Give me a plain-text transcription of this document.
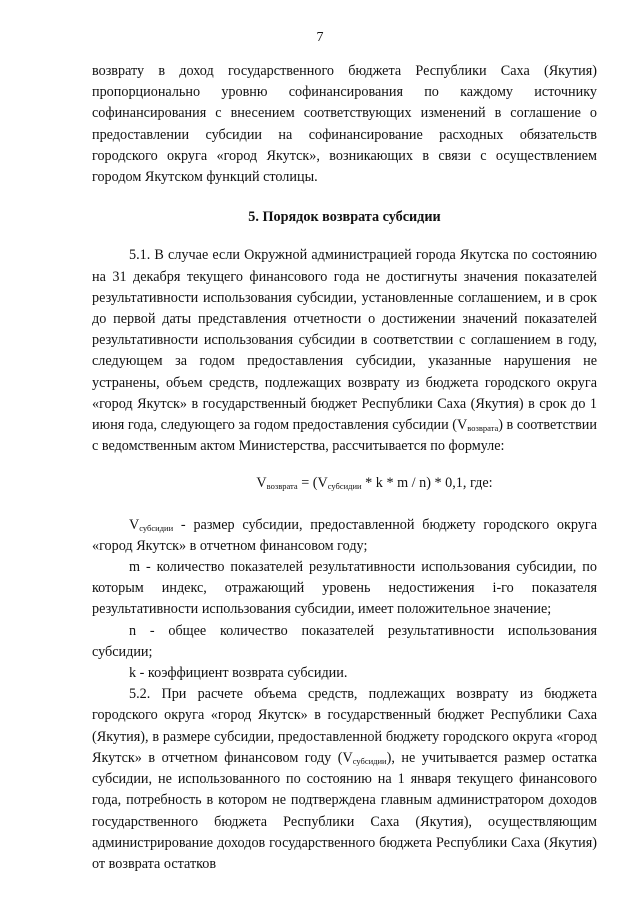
7

возврату в доход государственного бюджета Республики Саха (Якутия) пропорционально уровню софинансирования по каждому источнику софинансирования с внесением соответствующих изменений в соглашение о предоставлении субсидии на софинансирование расходных обязательств городского округа «город Якутск», возникающих в связи с осуществлением городом Якутском функций столицы.

5. Порядок возврата субсидии

5.1. В случае если Окружной администрацией города Якутска по состоянию на 31 декабря текущего финансового года не достигнуты значения показателей результативности использования субсидии, установленные соглашением, и в срок до первой даты представления отчетности о достижении значений показателей результативности использования субсидии в соответствии с соглашением в году, следующем за годом предоставления субсидии, указанные нарушения не устранены, объем средств, подлежащих возврату из бюджета городского округа «город Якутск» в государственный бюджет Республики Саха (Якутия) в срок до 1 июня года, следующего за годом предоставления субсидии $(V_{возврата})$ в соответствии с ведомственным актом Министерства, рассчитывается по формуле:

$V_{возврата} = (V_{субсидии} * k * m / n) * 0,1$, где:

$V_{субсидии}$ - размер субсидии, предоставленной бюджету городского округа «город Якутск» в отчетном финансовом году;

m - количество показателей результативности использования субсидии, по которым индекс, отражающий уровень недостижения i-го показателя результативности использования субсидии, имеет положительное значение;

n - общее количество показателей результативности использования субсидии;

k - коэффициент возврата субсидии.

5.2. При расчете объема средств, подлежащих возврату из бюджета городского округа «город Якутск» в государственный бюджет Республики Саха (Якутия), в размере субсидии, предоставленной бюджету городского округа «город Якутск» в отчетном финансовом году $(V_{субсидии})$, не учитывается размер остатка субсидии, не использованного по состоянию на 1 января текущего финансового года, потребность в котором не подтверждена главным администратором доходов государственного бюджета Республики Саха (Якутия), осуществляющим администрирование доходов государственного бюджета Республики Саха (Якутия) от возврата остатков
